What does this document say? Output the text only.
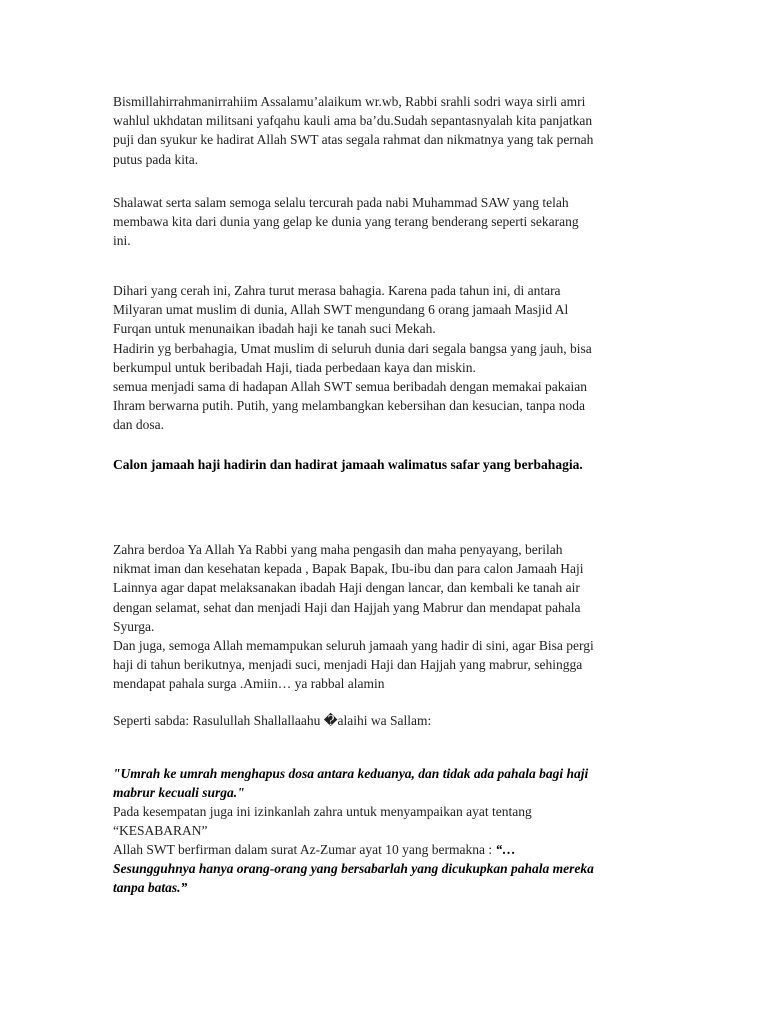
Bismillahirrahmanirrahiim Assalamu’alaikum wr.wb, Rabbi srahli sodri waya sirli amri
wahlul ukhdatan militsani yafqahu kauli ama ba’du.Sudah sepantasnyalah kita panjatkan
puji dan syukur ke hadirat Allah SWT atas segala rahmat dan nikmatnya yang tak pernah
putus pada kita.
Shalawat serta salam semoga selalu tercurah pada nabi Muhammad SAW yang telah
membawa kita dari dunia yang gelap ke dunia yang terang benderang seperti sekarang
ini.
Dihari yang cerah ini, Zahra turut merasa bahagia. Karena pada tahun ini, di antara
Milyaran umat muslim di dunia, Allah SWT mengundang 6 orang jamaah Masjid Al
Furqan untuk menunaikan ibadah haji ke tanah suci Mekah.
Hadirin yg berbahagia, Umat muslim di seluruh dunia dari segala bangsa yang jauh, bisa
berkumpul untuk beribadah Haji, tiada perbedaan kaya dan miskin.
semua menjadi sama di hadapan Allah SWT semua beribadah dengan memakai pakaian
Ihram berwarna putih. Putih, yang melambangkan kebersihan dan kesucian, tanpa noda
dan dosa.
Calon jamaah haji hadirin dan hadirat jamaah walimatus safar yang berbahagia.
Zahra berdoa Ya Allah Ya Rabbi yang maha pengasih dan maha penyayang, berilah
nikmat iman dan kesehatan kepada , Bapak Bapak, Ibu-ibu dan para calon Jamaah Haji
Lainnya agar dapat melaksanakan ibadah Haji dengan lancar, dan kembali ke tanah air
dengan selamat, sehat dan menjadi Haji dan Hajjah yang Mabrur dan mendapat pahala
Syurga.
Dan juga, semoga Allah memampukan seluruh jamaah yang hadir di sini, agar Bisa pergi
haji di tahun berikutnya, menjadi suci, menjadi Haji dan Hajjah yang mabrur, sehingga
mendapat pahala surga .Amiin… ya rabbal alamin
Seperti sabda: Rasulullah Shallallaahu �alaihi wa Sallam:
"Umrah ke umrah menghapus dosa antara keduanya, dan tidak ada pahala bagi haji
mabrur kecuali surga."
Pada kesempatan juga ini izinkanlah zahra untuk menyampaikan ayat tentang
“KESABARAN”
Allah SWT berfirman dalam surat Az-Zumar ayat 10 yang bermakna : “…
Sesungguhnya hanya orang-orang yang bersabarlah yang dicukupkan pahala mereka
tanpa batas.”
